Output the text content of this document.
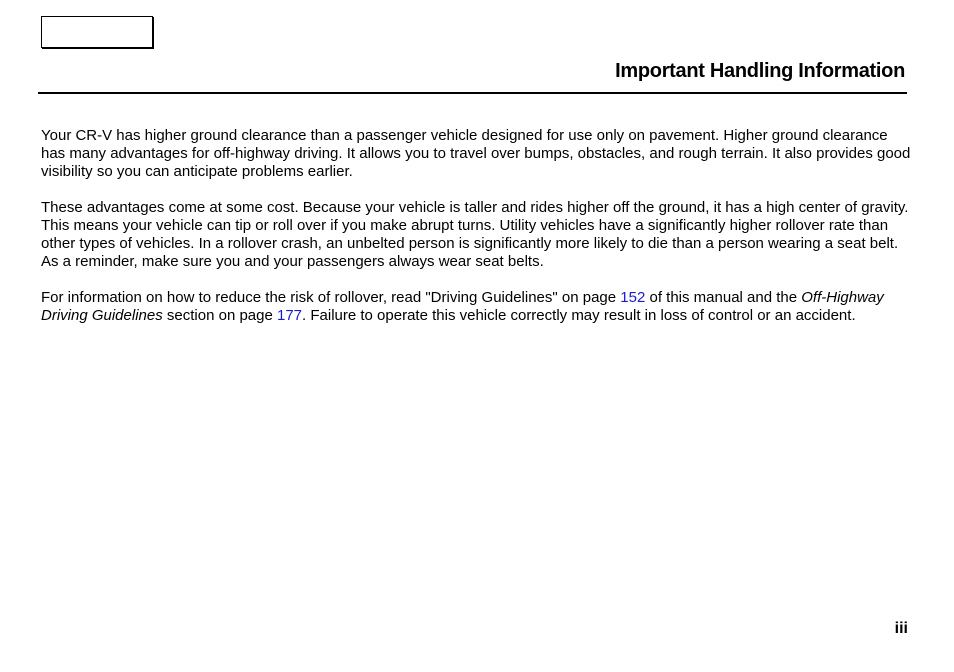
Important Handling Information

Your CR-V has higher ground clearance than a passenger vehicle designed for use only on pavement. Higher ground clearance has many advantages for off-highway driving. It allows you to travel over bumps, obstacles, and rough terrain. It also provides good visibility so you can anticipate problems earlier.

These advantages come at some cost. Because your vehicle is taller and rides higher off the ground, it has a high center of gravity. This means your vehicle can tip or roll over if you make abrupt turns. Utility vehicles have a significantly higher rollover rate than other types of vehicles. In a rollover crash, an unbelted person is significantly more likely to die than a person wearing a seat belt. As a reminder, make sure you and your passengers always wear seat belts.

For information on how to reduce the risk of rollover, read "Driving Guidelines" on page 152 of this manual and the Off-Highway Driving Guidelines section on page 177. Failure to operate this vehicle correctly may result in loss of control or an accident.

iii
